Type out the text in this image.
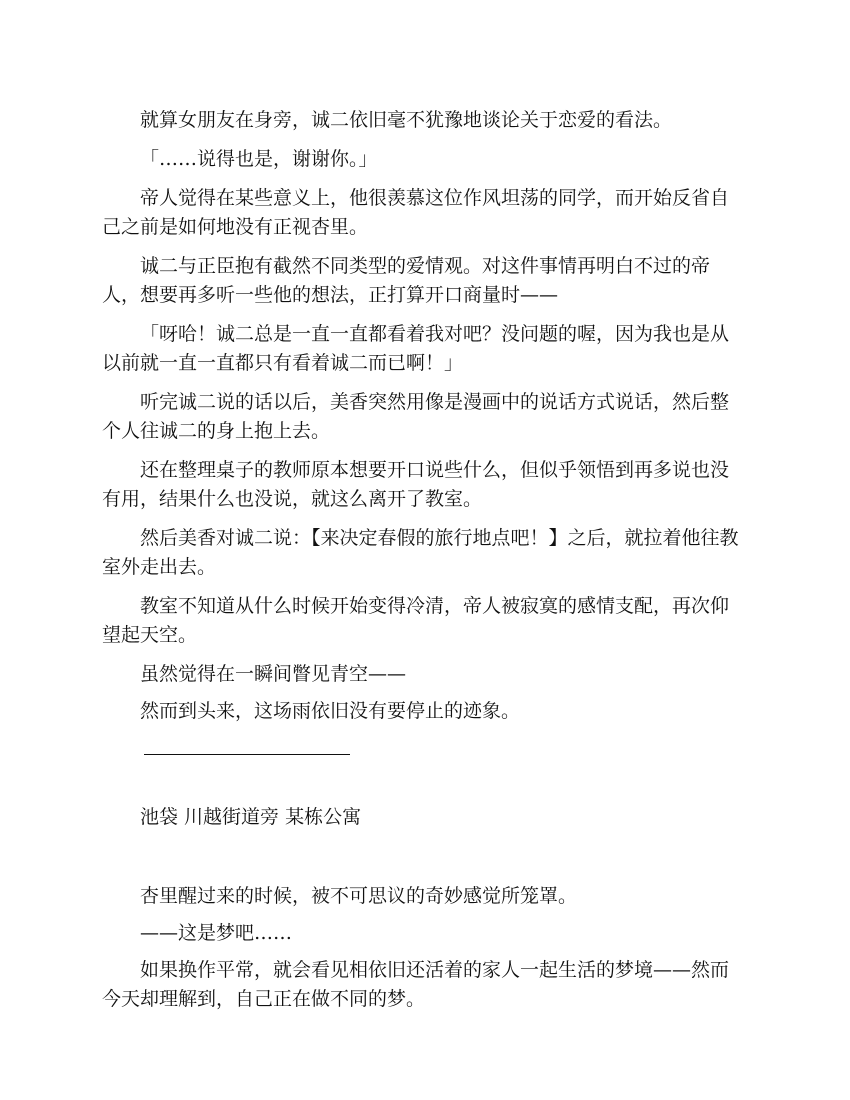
就算女朋友在身旁，诚二依旧毫不犹豫地谈论关于恋爱的看法。

「……说得也是，谢谢你。」

帝人觉得在某些意义上，他很羡慕这位作风坦荡的同学，而开始反省自己之前是如何地没有正视杏里。

诚二与正臣抱有截然不同类型的爱情观。对这件事情再明白不过的帝人，想要再多听一些他的想法，正打算开口商量时——

「呀哈！诚二总是一直一直都看着我对吧？没问题的喔，因为我也是从以前就一直一直都只有看着诚二而已啊！」

听完诚二说的话以后，美香突然用像是漫画中的说话方式说话，然后整个人往诚二的身上抱上去。

还在整理桌子的教师原本想要开口说些什么，但似乎领悟到再多说也没有用，结果什么也没说，就这么离开了教室。

然后美香对诚二说：【来决定春假的旅行地点吧！】之后，就拉着他往教室外走出去。

教室不知道从什么时候开始变得冷清，帝人被寂寞的感情支配，再次仰望起天空。

虽然觉得在一瞬间瞥见青空——

然而到头来，这场雨依旧没有要停止的迹象。

池袋 川越街道旁 某栋公寓

杏里醒过来的时候，被不可思议的奇妙感觉所笼罩。

——这是梦吧……

如果换作平常，就会看见相依旧还活着的家人一起生活的梦境——然而今天却理解到，自己正在做不同的梦。
